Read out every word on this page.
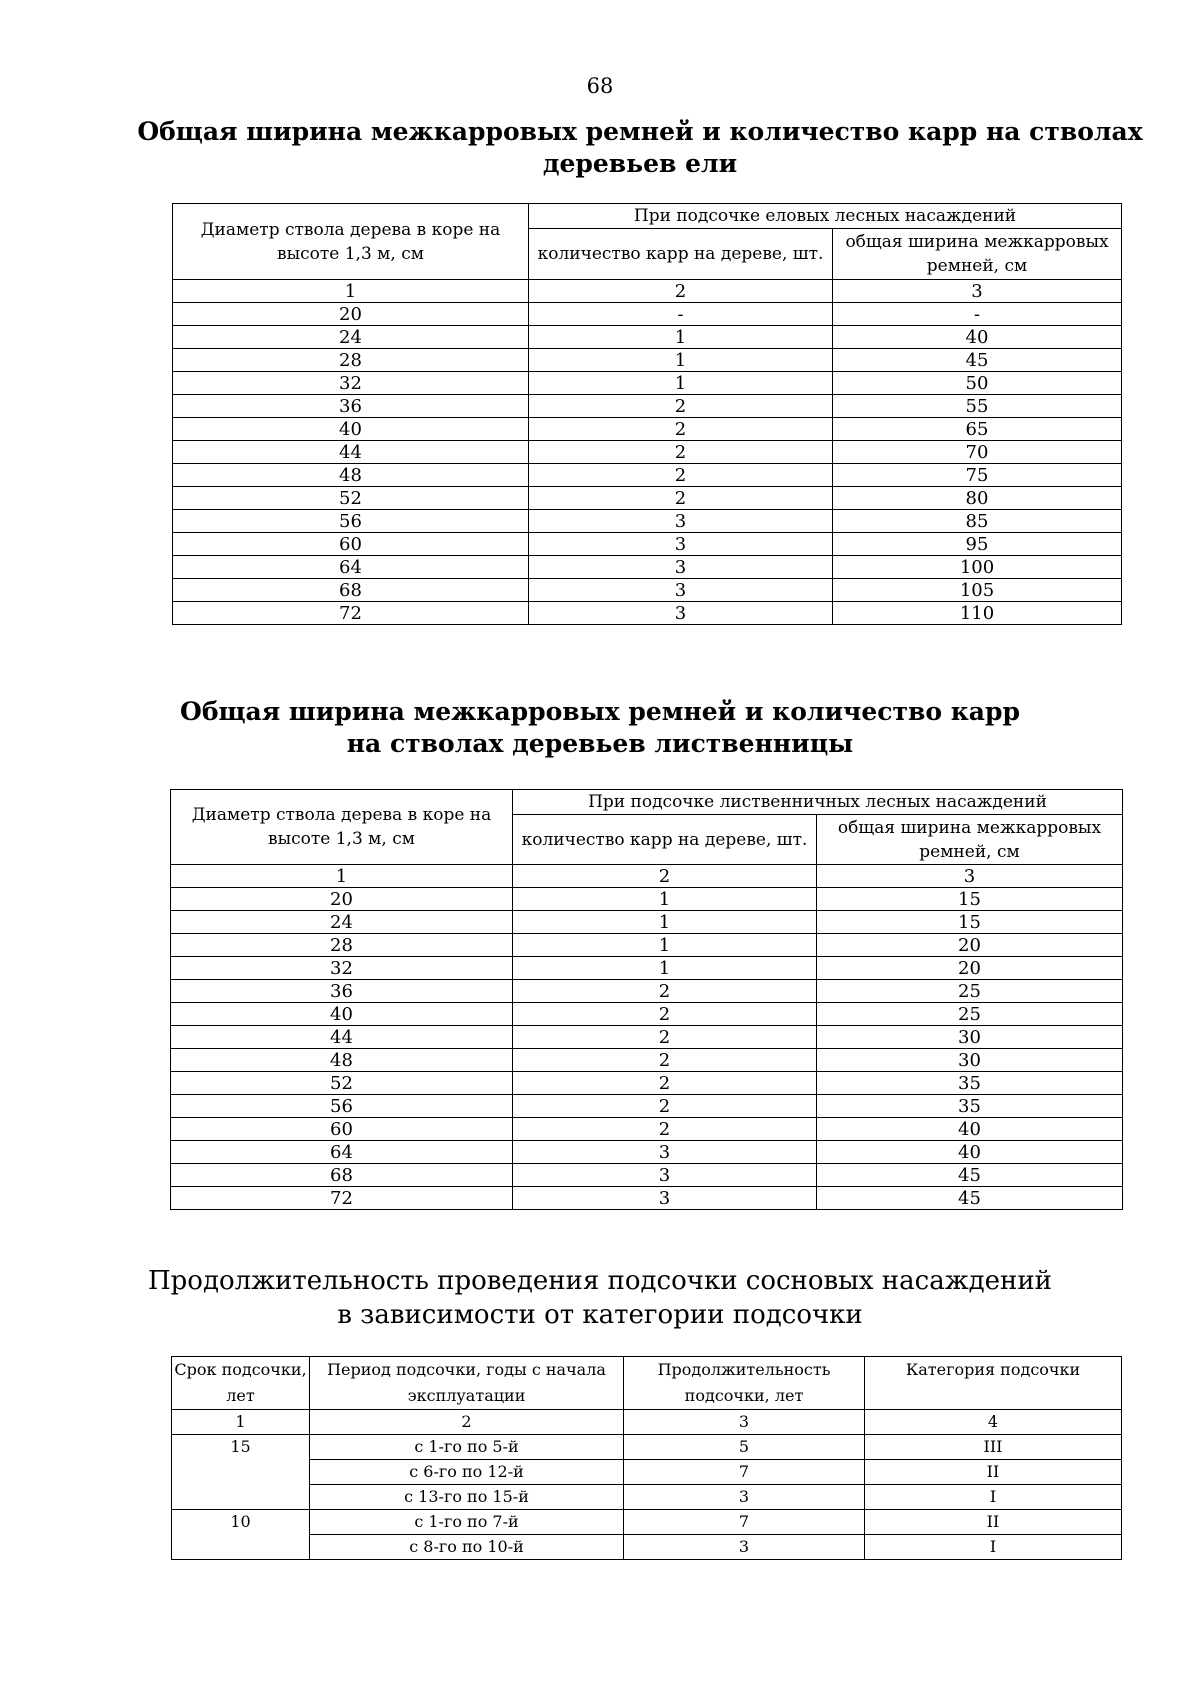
68
Общая ширина межкарровых ремней и количество карр на стволах
деревьев ели
Диаметр ствола дерева в коре на высоте 1,3 м, см	При подсочке еловых лесных насаждений	
	количество карр на дереве, шт.	общая ширина межкарровых ремней, см
1	2	3
20	-	-
24	1	40
28	1	45
32	1	50
36	2	55
40	2	65
44	2	70
48	2	75
52	2	80
56	3	85
60	3	95
64	3	100
68	3	105
72	3	110
Общая ширина межкарровых ремней и количество карр
на стволах деревьев лиственницы
Диаметр ствола дерева в коре на высоте 1,3 м, см	При подсочке лиственничных лесных насаждений	
	количество карр на дереве, шт.	общая ширина межкарровых ремней, см
1	2	3
20	1	15
24	1	15
28	1	20
32	1	20
36	2	25
40	2	25
44	2	30
48	2	30
52	2	35
56	2	35
60	2	40
64	3	40
68	3	45
72	3	45
Продолжительность проведения подсочки сосновых насаждений
в зависимости от категории подсочки
Срок подсочки, лет	Период подсочки, годы с начала эксплуатации	Продолжительность подсочки, лет	Категория подсочки
1	2	3	4
15	с 1-го по 5-й	5	III
	с 6-го по 12-й	7	II
	с 13-го по 15-й	3	I
10	с 1-го по 7-й	7	II
	с 8-го по 10-й	3	I
